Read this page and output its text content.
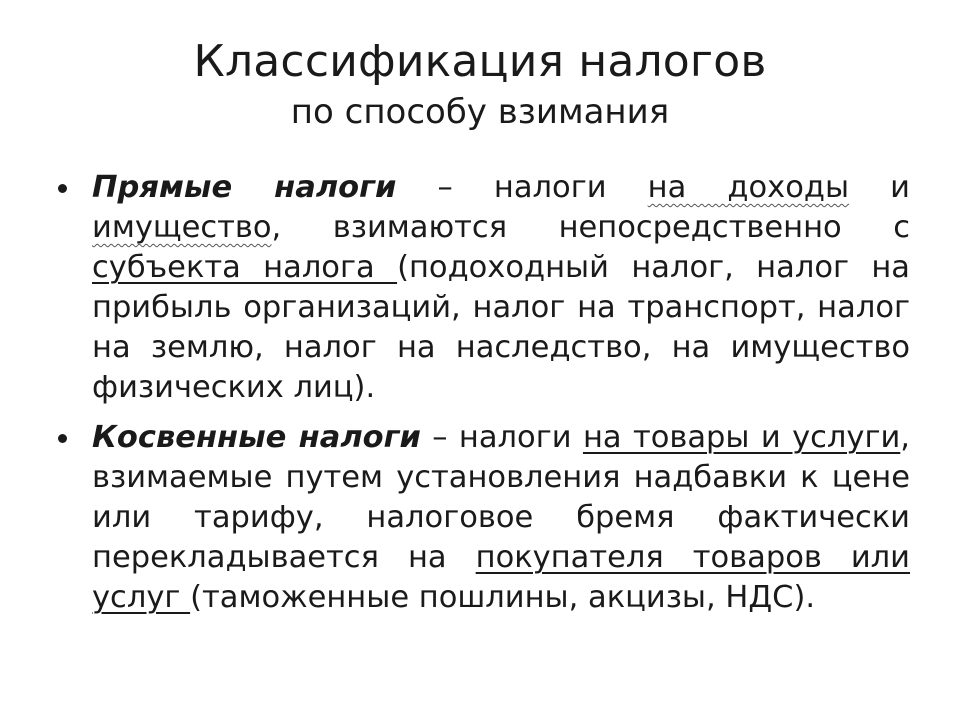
Классификация налогов
по способу взимания
Прямые налоги – налоги на доходы и имущество, взимаются непосредственно с субъекта налога (подоходный налог, налог на прибыль организаций, налог на транспорт, налог на землю, налог на наследство, на имущество физических лиц).
Косвенные налоги – налоги на товары и услуги, взимаемые путем установления надбавки к цене или тарифу, налоговое бремя фактически перекладывается на покупателя товаров или услуг (таможенные пошлины, акцизы, НДС).
